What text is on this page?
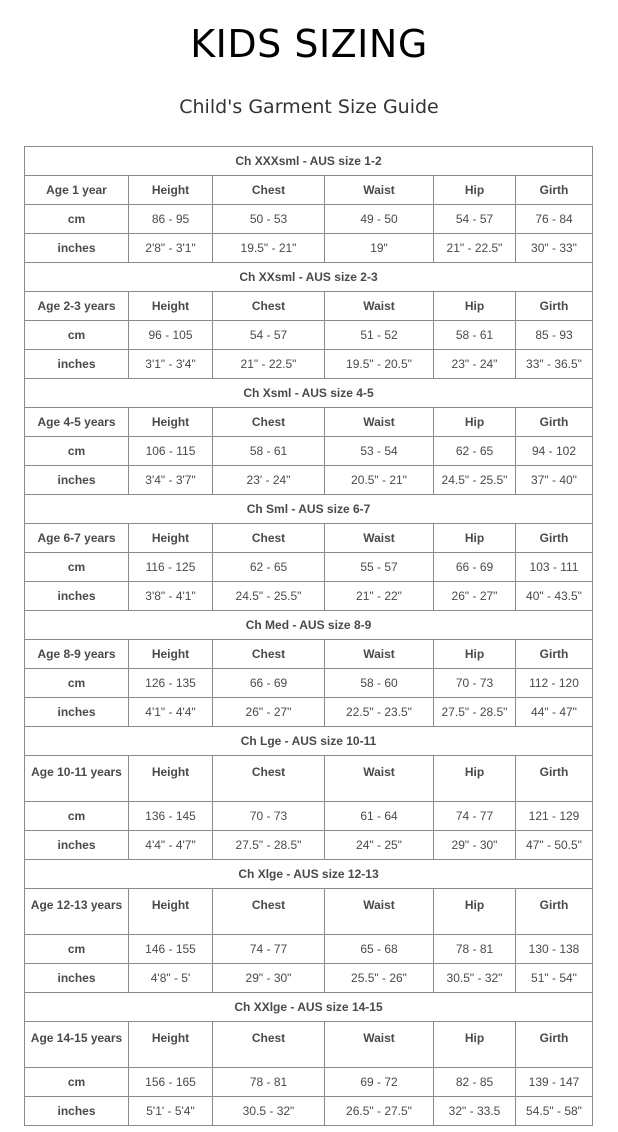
KIDS SIZING
Child's Garment Size Guide
Ch XXXsml - AUS size 1-2					
Age 1 year	Height	Chest	Waist	Hip	Girth
cm	86 - 95	50 - 53	49 - 50	54 - 57	76 - 84
inches	2'8" - 3'1"	19.5" - 21"	19"	21" - 22.5"	30" - 33"
Ch XXsml - AUS size 2-3					
Age 2-3 years	Height	Chest	Waist	Hip	Girth
cm	96 - 105	54 - 57	51 - 52	58 - 61	85 - 93
inches	3'1" - 3'4"	21" - 22.5"	19.5" - 20.5"	23" - 24"	33" - 36.5"
Ch Xsml - AUS size 4-5					
Age 4-5 years	Height	Chest	Waist	Hip	Girth
cm	106 - 115	58 - 61	53 - 54	62 - 65	94 - 102
inches	3'4" - 3'7"	23' - 24"	20.5" - 21"	24.5" - 25.5"	37" - 40"
Ch Sml - AUS size 6-7					
Age 6-7 years	Height	Chest	Waist	Hip	Girth
cm	116 - 125	62 - 65	55 - 57	66 - 69	103 - 111
inches	3'8" - 4'1"	24.5" - 25.5"	21" - 22"	26" - 27"	40" - 43.5"
Ch Med - AUS size 8-9					
Age 8-9 years	Height	Chest	Waist	Hip	Girth
cm	126 - 135	66 - 69	58 - 60	70 - 73	112 - 120
inches	4'1" - 4'4"	26" - 27"	22.5" - 23.5"	27.5" - 28.5"	44" - 47"
Ch Lge - AUS size 10-11					
Age 10-11 years	Height	Chest	Waist	Hip	Girth
cm	136 - 145	70 - 73	61 - 64	74 - 77	121 - 129
inches	4'4" - 4'7"	27.5" - 28.5"	24" - 25"	29" - 30"	47" - 50.5"
Ch Xlge - AUS size 12-13					
Age 12-13 years	Height	Chest	Waist	Hip	Girth
cm	146 - 155	74 - 77	65 - 68	78 - 81	130 - 138
inches	4'8" - 5'	29" - 30"	25.5" - 26"	30.5" - 32"	51" - 54"
Ch XXlge - AUS size 14-15					
Age 14-15 years	Height	Chest	Waist	Hip	Girth
cm	156 - 165	78 - 81	69 - 72	82 - 85	139 - 147
inches	5'1' - 5'4"	30.5 - 32"	26.5" - 27.5"	32" - 33.5	54.5" - 58"
